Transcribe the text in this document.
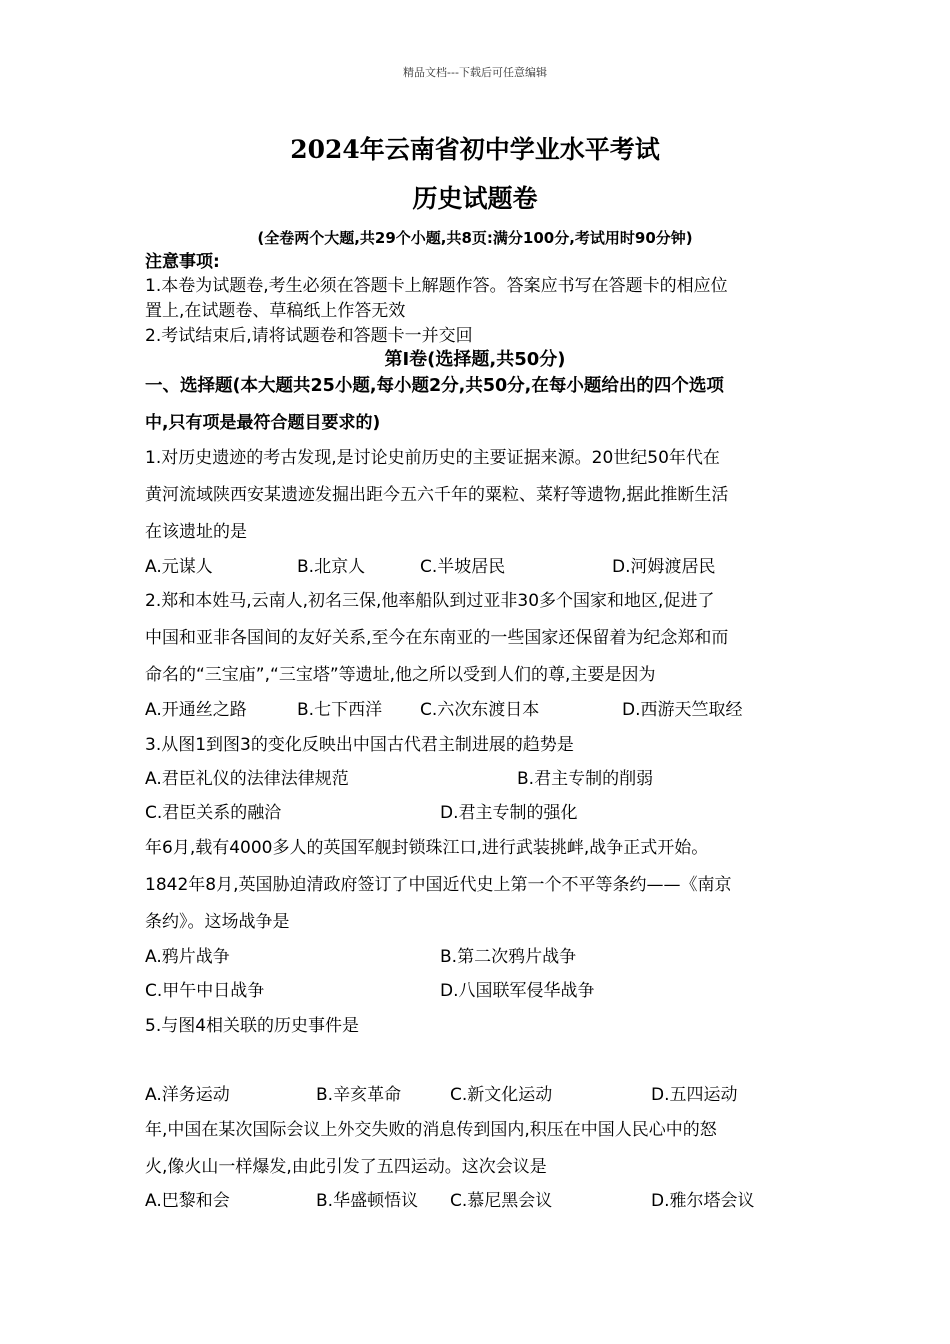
精品文档---下载后可任意编辑
2024年云南省初中学业水平考试
历史试题卷
(全卷两个大题,共29个小题,共8页:满分100分,考试用时90分钟)
注意事项:
1.本卷为试题卷,考生必须在答题卡上解题作答。答案应书写在答题卡的相应位
置上,在试题卷、草稿纸上作答无效
2.考试结束后,请将试题卷和答题卡一并交回
第Ⅰ卷(选择题,共50分)
一、选择题(本大题共25小题,每小题2分,共50分,在每小题给出的四个选项
中,只有项是最符合题目要求的)
1.对历史遗迹的考古发现,是讨论史前历史的主要证据来源。20世纪50年代在
黄河流域陕西安某遗迹发掘出距今五六千年的粟粒、菜籽等遗物,据此推断生活
在该遗址的是
A.元谋人	B.北京人	C.半坡居民	D.河姆渡居民
2.郑和本姓马,云南人,初名三保,他率船队到过亚非30多个国家和地区,促进了
中国和亚非各国间的友好关系,至今在东南亚的一些国家还保留着为纪念郑和而
命名的“三宝庙”,“三宝塔”等遗址,他之所以受到人们的尊,主要是因为
A.开通丝之路	B.七下西洋 C.六次东渡日本	D.西游天竺取经
3.从图1到图3的变化反映出中国古代君主制进展的趋势是
A.君臣礼仪的法律法律规范	B.君主专制的削弱
C.君臣关系的融洽	D.君主专制的强化
年6月,载有4000多人的英国军舰封锁珠江口,进行武装挑衅,战争正式开始。
1842年8月,英国胁迫清政府签订了中国近代史上第一个不平等条约——《南京
条约》。这场战争是
A.鸦片战争	B.第二次鸦片战争
C.甲午中日战争	D.八国联军侵华战争
5.与图4相关联的历史事件是
A.洋务运动	B.辛亥革命	C.新文化运动	D.五四运动
年,中国在某次国际会议上外交失败的消息传到国内,积压在中国人民心中的怒
火,像火山一样爆发,由此引发了五四运动。这次会议是
A.巴黎和会	B.华盛顿悟议 C.慕尼黑会议	D.雅尔塔会议
